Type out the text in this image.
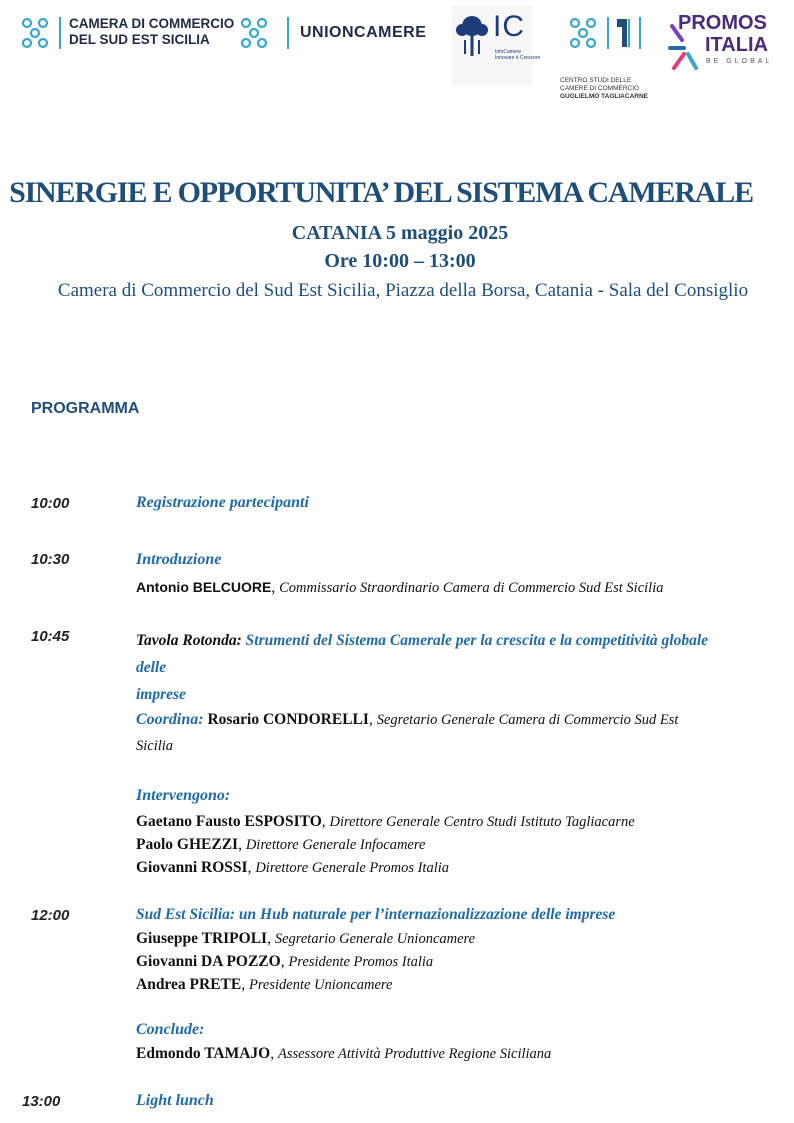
CAMERA DI COMMERCIO
DEL SUD EST SICILIA	UNIONCAMERE IC
InfoCamere
Innovare è Crescere
CENTRO STUDI DELLE
CAMERE DI COMMERCIO
GUGLIELMO TAGLIACARNE
PROMOS
ITALIA
BE GLOBAL
SINERGIE E OPPORTUNITA’ DEL SISTEMA CAMERALE
CATANIA 5 maggio 2025
Ore 10:00 – 13:00
Camera di Commercio del Sud Est Sicilia, Piazza della Borsa, Catania - Sala del Consiglio
PROGRAMMA
10:00	Registrazione partecipanti
10:30	Introduzione
Antonio BELCUORE, Commissario Straordinario Camera di Commercio Sud Est Sicilia
10:45	Tavola Rotonda: Strumenti del Sistema Camerale per la crescita e la competitività globale delle
imprese
Coordina: Rosario CONDORELLI, Segretario Generale Camera di Commercio Sud Est
Sicilia
Intervengono:
Gaetano Fausto ESPOSITO, Direttore Generale Centro Studi Istituto Tagliacarne
Paolo GHEZZI, Direttore Generale Infocamere
Giovanni ROSSI, Direttore Generale Promos Italia
12:00	Sud Est Sicilia: un Hub naturale per l’internazionalizzazione delle imprese
Giuseppe TRIPOLI, Segretario Generale Unioncamere
Giovanni DA POZZO, Presidente Promos Italia
Andrea PRETE, Presidente Unioncamere
Conclude:
Edmondo TAMAJO, Assessore Attività Produttive Regione Siciliana
13:00	Light lunch
